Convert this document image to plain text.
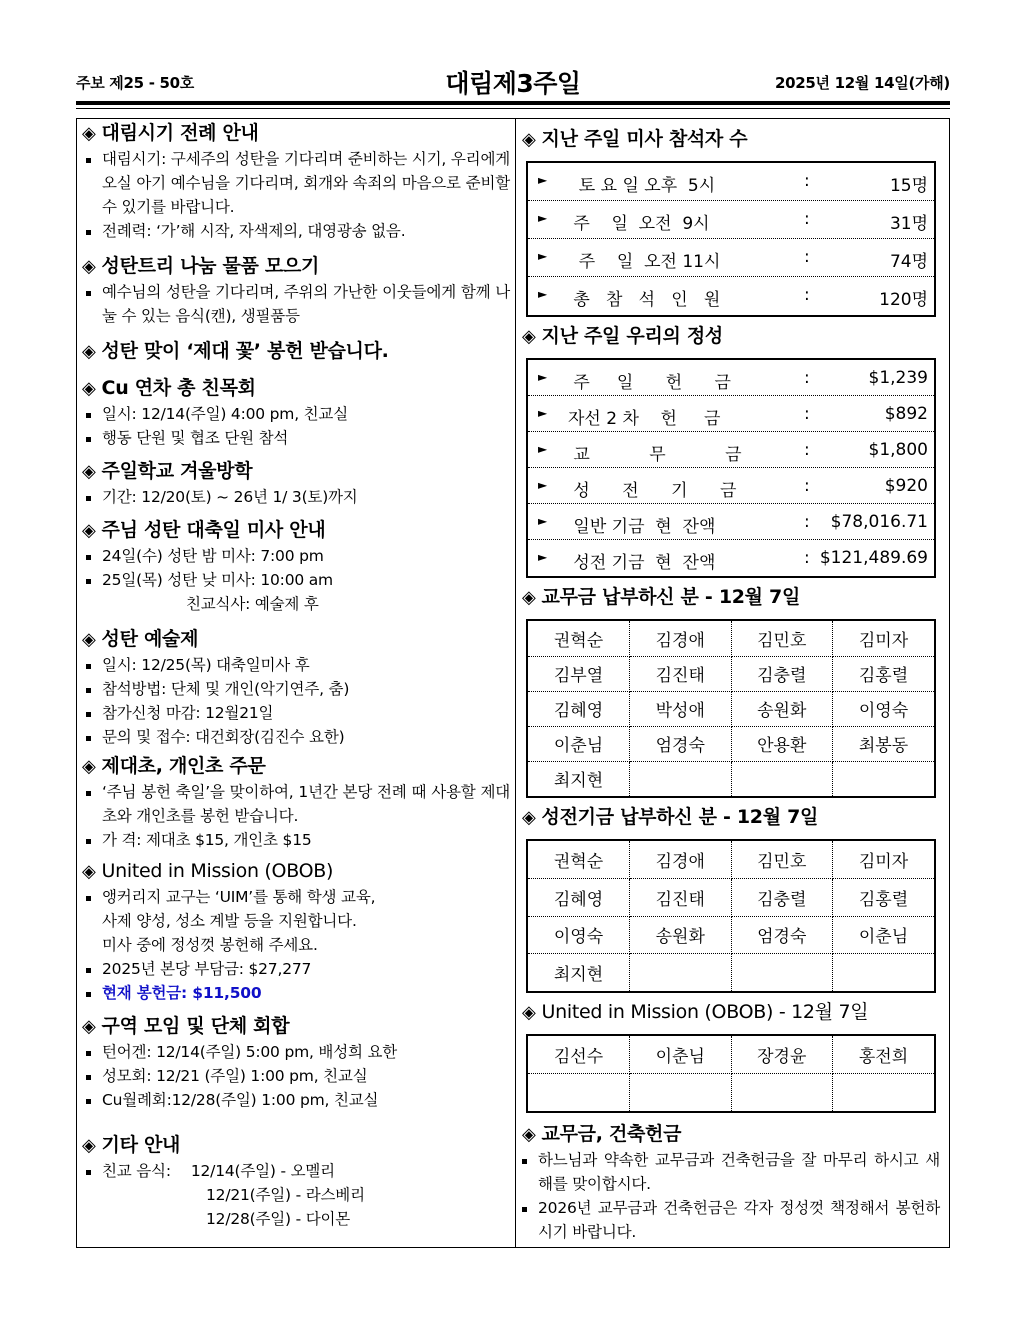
주보 제25 - 50호	대림제3주일	2025년 12월 14일(가해)
◈ 대림시기 전례 안내
대림시기: 구세주의 성탄을 기다리며 준비하는 시기, 우리에게 오실 아기 예수님을 기다리며, 회개와 속죄의 마음으로 준비할 수 있기를 바랍니다.
전례력: ‘가’해 시작, 자색제의, 대영광송 없음.
◈ 성탄트리 나눔 물품 모으기
예수님의 성탄을 기다리며, 주위의 가난한 이웃들에게 함께 나눌 수 있는 음식(캔), 생필품등
◈ 성탄 맞이 ‘제대 꽃’ 봉헌 받습니다.
◈ Cu 연차 총 친목회
일시: 12/14(주일) 4:00 pm, 친교실
행동 단원 및 협조 단원 참석
◈ 주일학교 겨울방학
기간: 12/20(토) ~ 26년 1/ 3(토)까지
◈ 주님 성탄 대축일 미사 안내
24일(수) 성탄 밤 미사: 7:00 pm
25일(목) 성탄 낮 미사: 10:00 am
친교식사: 예술제 후
◈ 성탄 예술제
일시: 12/25(목) 대축일미사 후
참석방법: 단체 및 개인(악기연주, 춤)
참가신청 마감: 12월21일
문의 및 접수: 대건회장(김진수 요한)
◈ 제대초, 개인초 주문
‘주님 봉헌 축일’을 맞이하여, 1년간 본당 전례 때 사용할 제대초와 개인초를 봉헌 받습니다.
가 격: 제대초 $15, 개인초 $15
◈ United in Mission (OBOB)
앵커리지 교구는 ‘UIM’를 통해 학생 교육,
사제 양성, 성소 계발 등을 지원합니다.
미사 중에 정성껏 봉헌해 주세요.
2025년 본당 부담금: $27,277
현재 봉헌금: $11,500
◈ 구역 모임 및 단체 회합
턴어겐: 12/14(주일) 5:00 pm, 배성희 요한
성모회: 12/21 (주일) 1:00 pm, 친교실
Cu월례회:12/28(주일) 1:00 pm, 친교실
◈ 기타 안내
친교 음식: 12/14(주일) - 오멜리
12/21(주일) - 라스베리
12/28(주일) - 다이몬
◈ 지난 주일 미사 참석자 수
► 토 요 일 오후  5시	:	15명
► 주    일  오전  9시	:	31명
► 주    일  오전 11시	:	74명
► 총   참   석   인   원	:	120명
◈ 지난 주일 우리의 정성
► 주     일      헌      금	:	$1,239
► 자선 2 차    헌     금	:	$892
► 교           무           금	:	$1,800
► 성      전      기      금	:	$920
► 일반 기금  현  잔액	: $78,016.71
► 성전 기금  현  잔액	: $121,489.69
◈ 교무금 납부하신 분 - 12월 7일
권혁순	김경애	김민호	김미자
김부열	김진태	김충렬	김홍렬
김혜영	박성애	송원화	이영숙
이춘님	엄경숙	안용환	최봉동
최지현			
◈ 성전기금 납부하신 분 - 12월 7일
권혁순	김경애	김민호	김미자
김혜영	김진태	김충렬	김홍렬
이영숙	송원화	엄경숙	이춘님
최지현			
◈ United in Mission (OBOB) - 12월 7일
김선수	이춘님	장경윤	홍전희

◈ 교무금, 건축헌금
하느님과 약속한 교무금과 건축헌금을 잘 마무리 하시고 새해를 맞이합시다.
2026년 교무금과 건축헌금은 각자 정성껏 책정해서 봉헌하시기 바랍니다.
